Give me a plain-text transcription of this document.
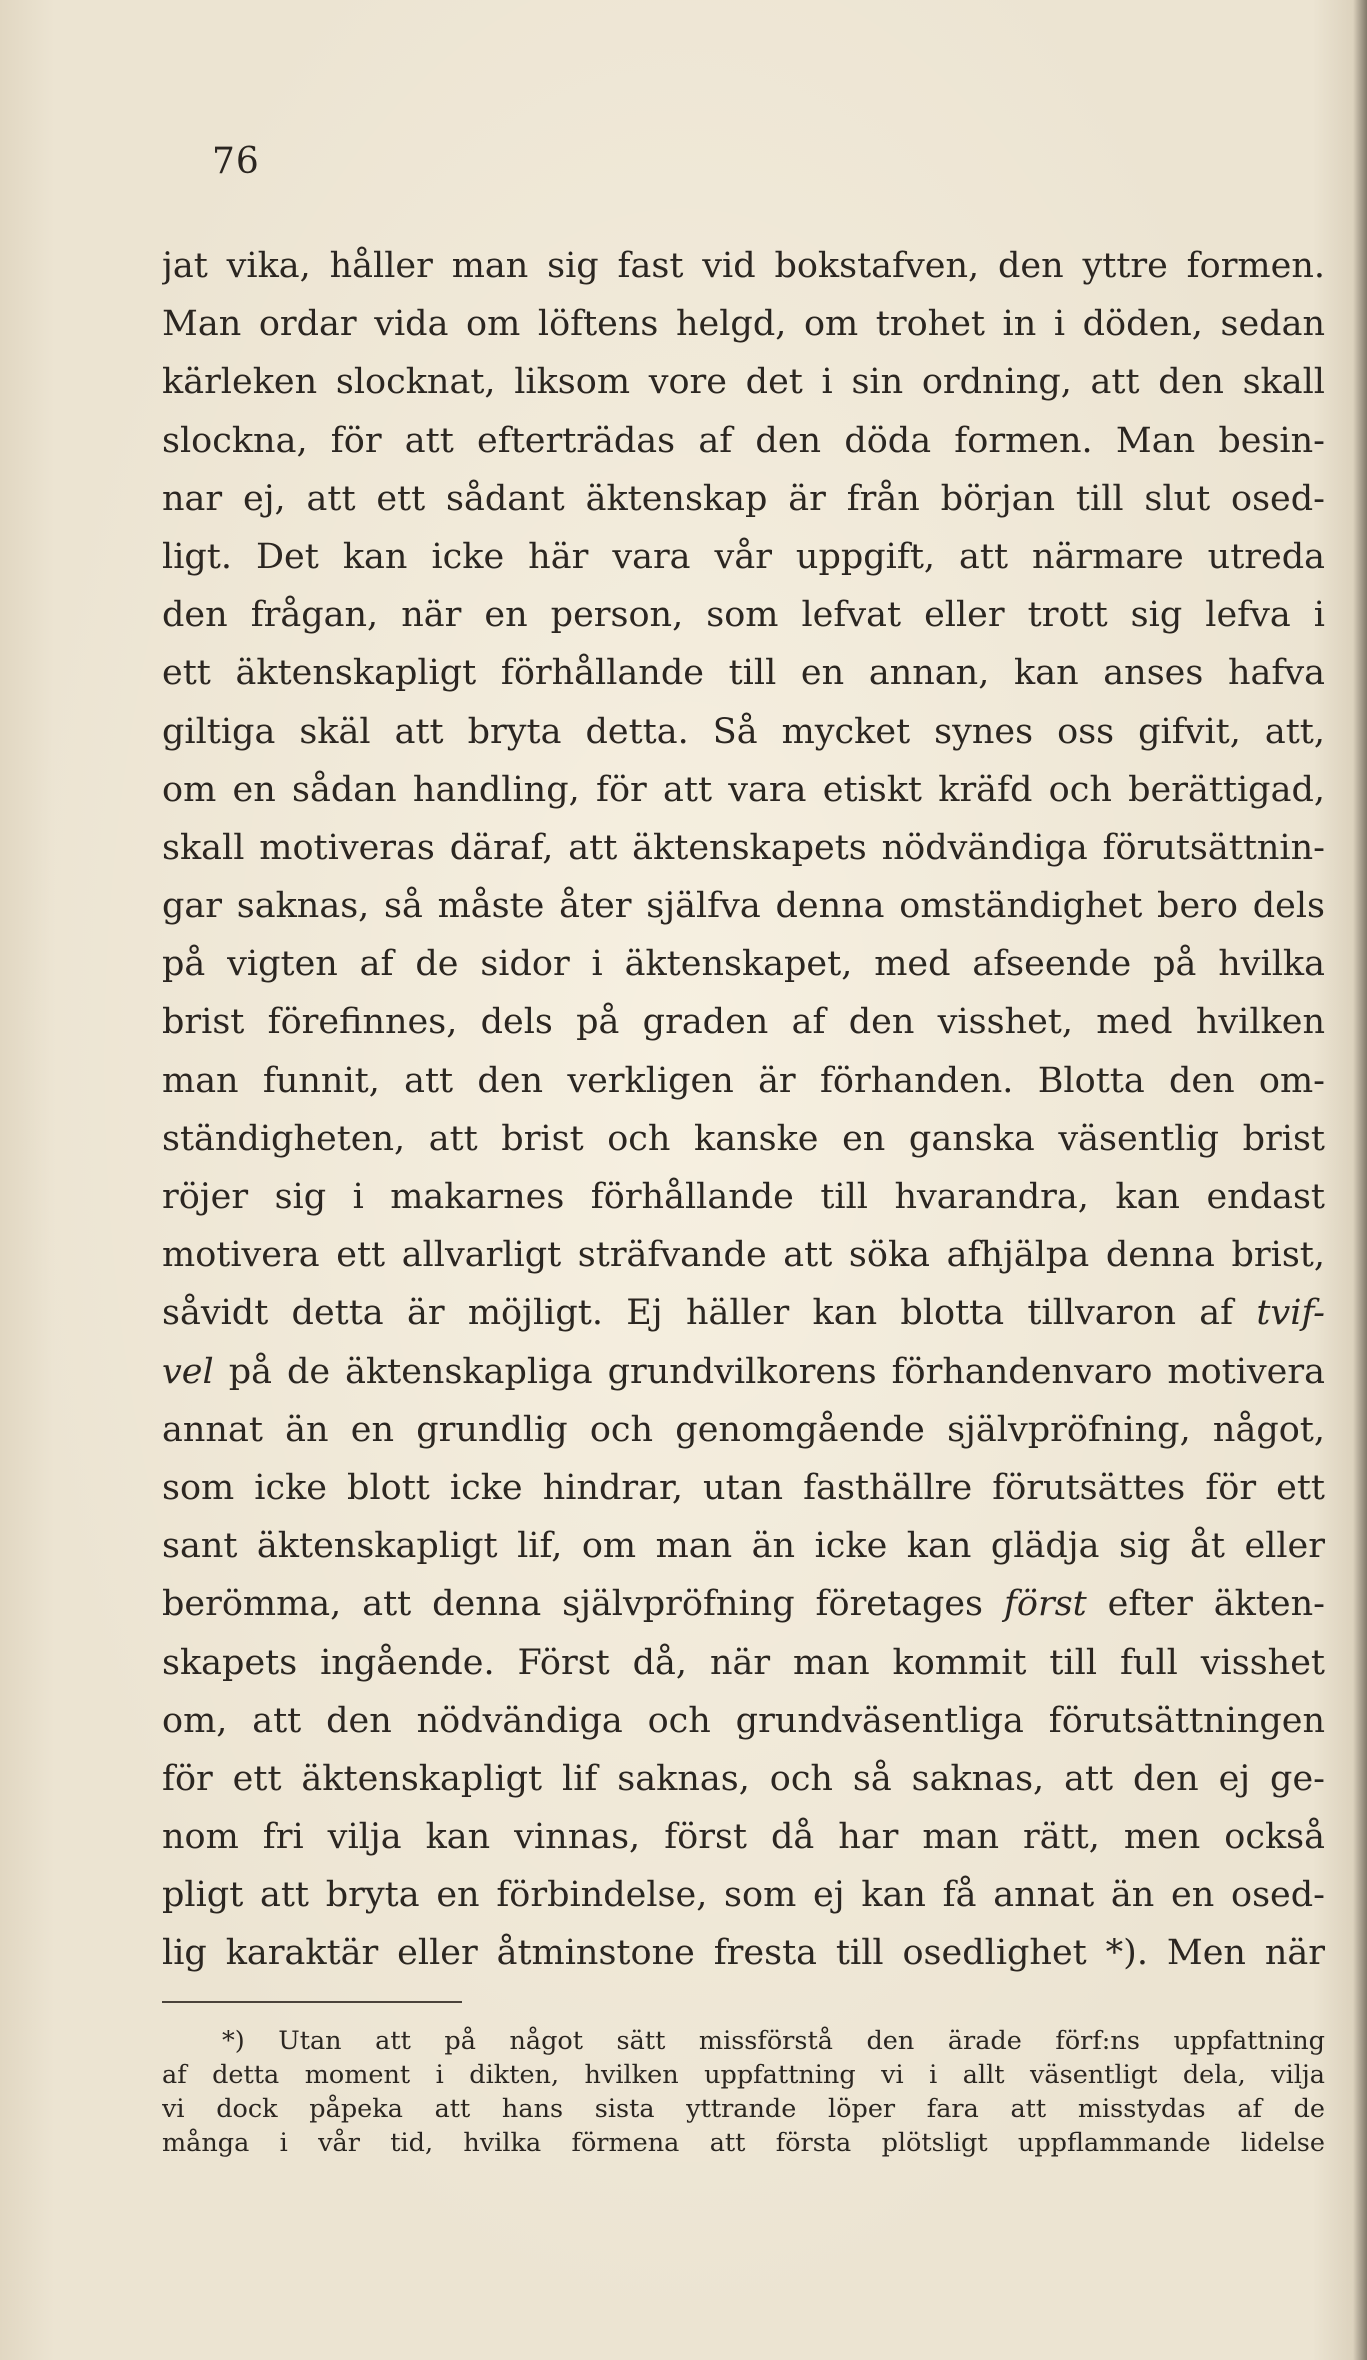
76
jat vika, håller man sig fast vid bokstafven, den yttre formen.
Man ordar vida om löftens helgd, om trohet in i döden, sedan
kärleken slocknat, liksom vore det i sin ordning, att den skall
slockna, för att efterträdas af den döda formen. Man besin-
nar ej, att ett sådant äktenskap är från början till slut osed-
ligt. Det kan icke här vara vår uppgift, att närmare utreda
den frågan, när en person, som lefvat eller trott sig lefva i
ett äktenskapligt förhållande till en annan, kan anses hafva
giltiga skäl att bryta detta. Så mycket synes oss gifvit, att,
om en sådan handling, för att vara etiskt kräfd och berättigad,
skall motiveras däraf, att äktenskapets nödvändiga förutsättnin-
gar saknas, så måste åter själfva denna omständighet bero dels
på vigten af de sidor i äktenskapet, med afseende på hvilka
brist förefinnes, dels på graden af den visshet, med hvilken
man funnit, att den verkligen är förhanden. Blotta den om-
ständigheten, att brist och kanske en ganska väsentlig brist
röjer sig i makarnes förhållande till hvarandra, kan endast
motivera ett allvarligt sträfvande att söka afhjälpa denna brist,
såvidt detta är möjligt. Ej häller kan blotta tillvaron af tvif-
vel på de äktenskapliga grundvilkorens förhandenvaro motivera
annat än en grundlig och genomgående självpröfning, något,
som icke blott icke hindrar, utan fasthällre förutsättes för ett
sant äktenskapligt lif, om man än icke kan glädja sig åt eller
berömma, att denna självpröfning företages först efter äkten-
skapets ingående. Först då, när man kommit till full visshet
om, att den nödvändiga och grundväsentliga förutsättningen
för ett äktenskapligt lif saknas, och så saknas, att den ej ge-
nom fri vilja kan vinnas, först då har man rätt, men också
pligt att bryta en förbindelse, som ej kan få annat än en osed-
lig karaktär eller åtminstone fresta till osedlighet *). Men när
*) Utan att på något sätt missförstå den ärade förf:ns uppfattning
af detta moment i dikten, hvilken uppfattning vi i allt väsentligt dela, vilja
vi dock påpeka att hans sista yttrande löper fara att misstydas af de
många i vår tid, hvilka förmena att första plötsligt uppflammande lidelse
